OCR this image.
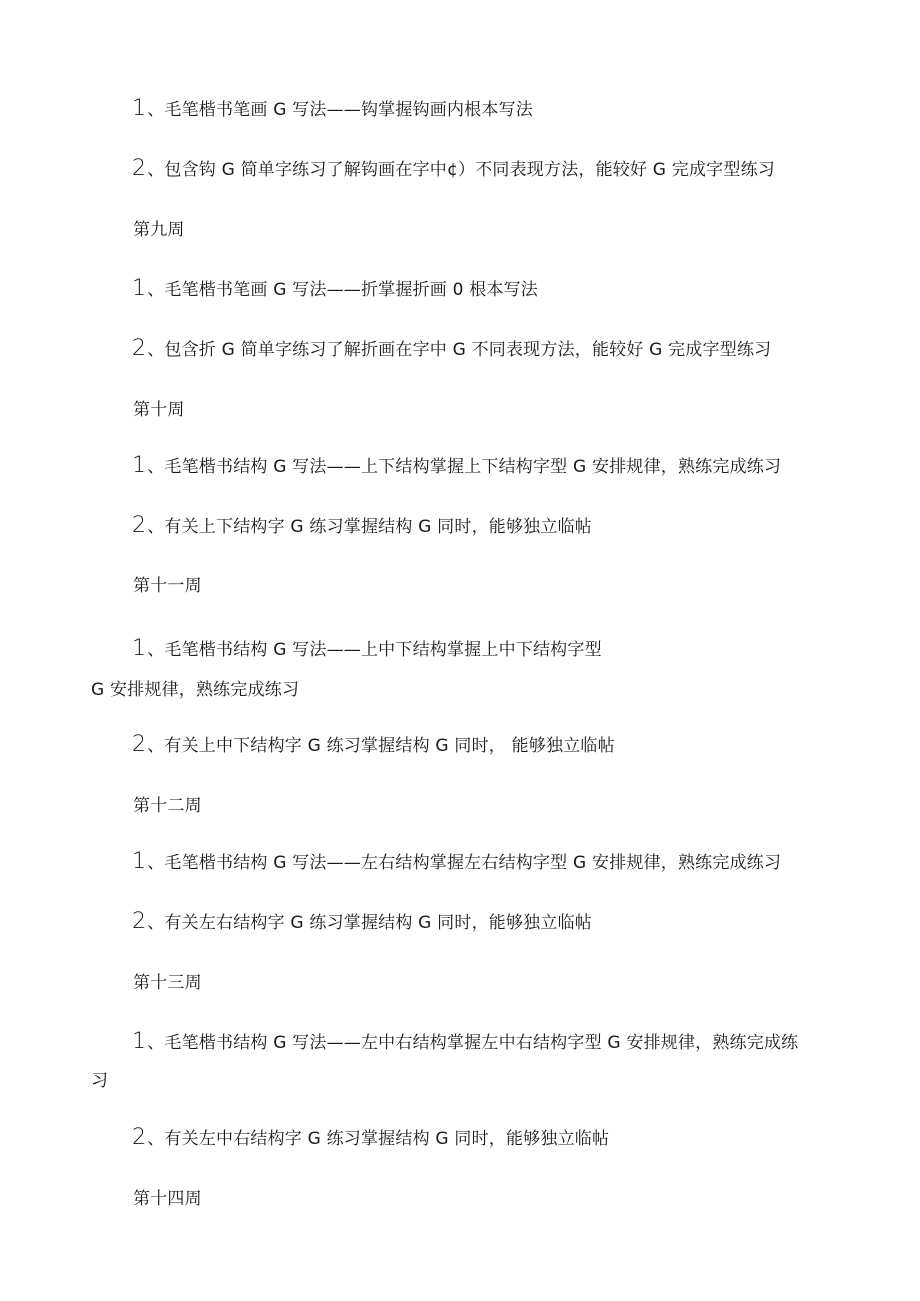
1、毛笔楷书笔画 G 写法——钩掌握钩画内根本写法
2、包含钩 G 简单字练习了解钩画在字中¢）不同表现方法，能较好 G 完成字型练习
第九周
1、毛笔楷书笔画 G 写法——折掌握折画 0 根本写法
2、包含折 G 简单字练习了解折画在字中 G 不同表现方法，能较好 G 完成字型练习
第十周
1、毛笔楷书结构 G 写法——上下结构掌握上下结构字型 G 安排规律，熟练完成练习
2、有关上下结构字 G 练习掌握结构 G 同时，能够独立临帖
第十一周
1、毛笔楷书结构 G 写法——上中下结构掌握上中下结构字型
G 安排规律，熟练完成练习
2、有关上中下结构字 G 练习掌握结构 G 同时， 能够独立临帖
第十二周
1、毛笔楷书结构 G 写法——左右结构掌握左右结构字型 G 安排规律，熟练完成练习
2、有关左右结构字 G 练习掌握结构 G 同时，能够独立临帖
第十三周
1、毛笔楷书结构 G 写法——左中右结构掌握左中右结构字型 G 安排规律，熟练完成练
习
2、有关左中右结构字 G 练习掌握结构 G 同时，能够独立临帖
第十四周
